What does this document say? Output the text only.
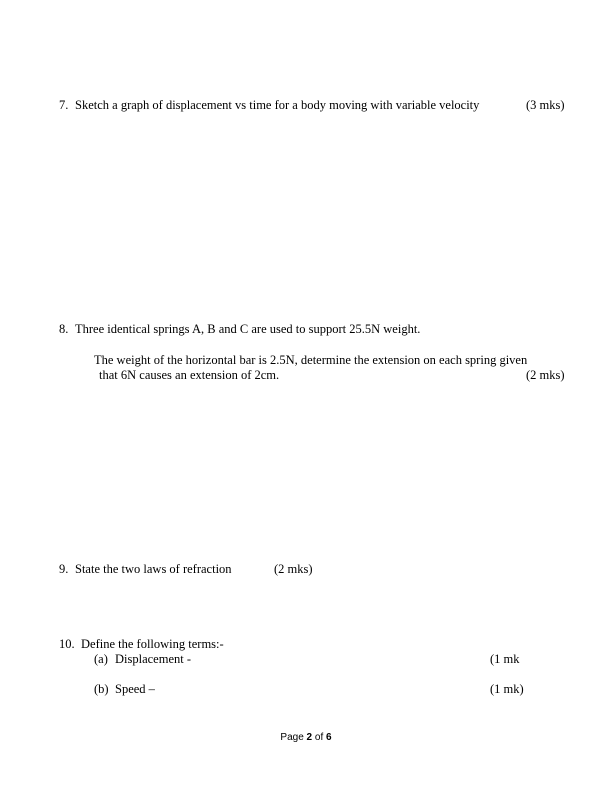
7. Sketch a graph of displacement vs time for a body moving with variable velocity	(3 mks)
8. Three identical springs A, B and C are used to support 25.5N weight.
The weight of the horizontal bar is 2.5N, determine the extension on each spring given
that 6N causes an extension of 2cm.	(2 mks)
9. State the two laws of refraction	(2 mks)
10. Define the following terms:-
(a) Displacement -	(1 mk
(b) Speed –	(1 mk)
Page 2 of 6
